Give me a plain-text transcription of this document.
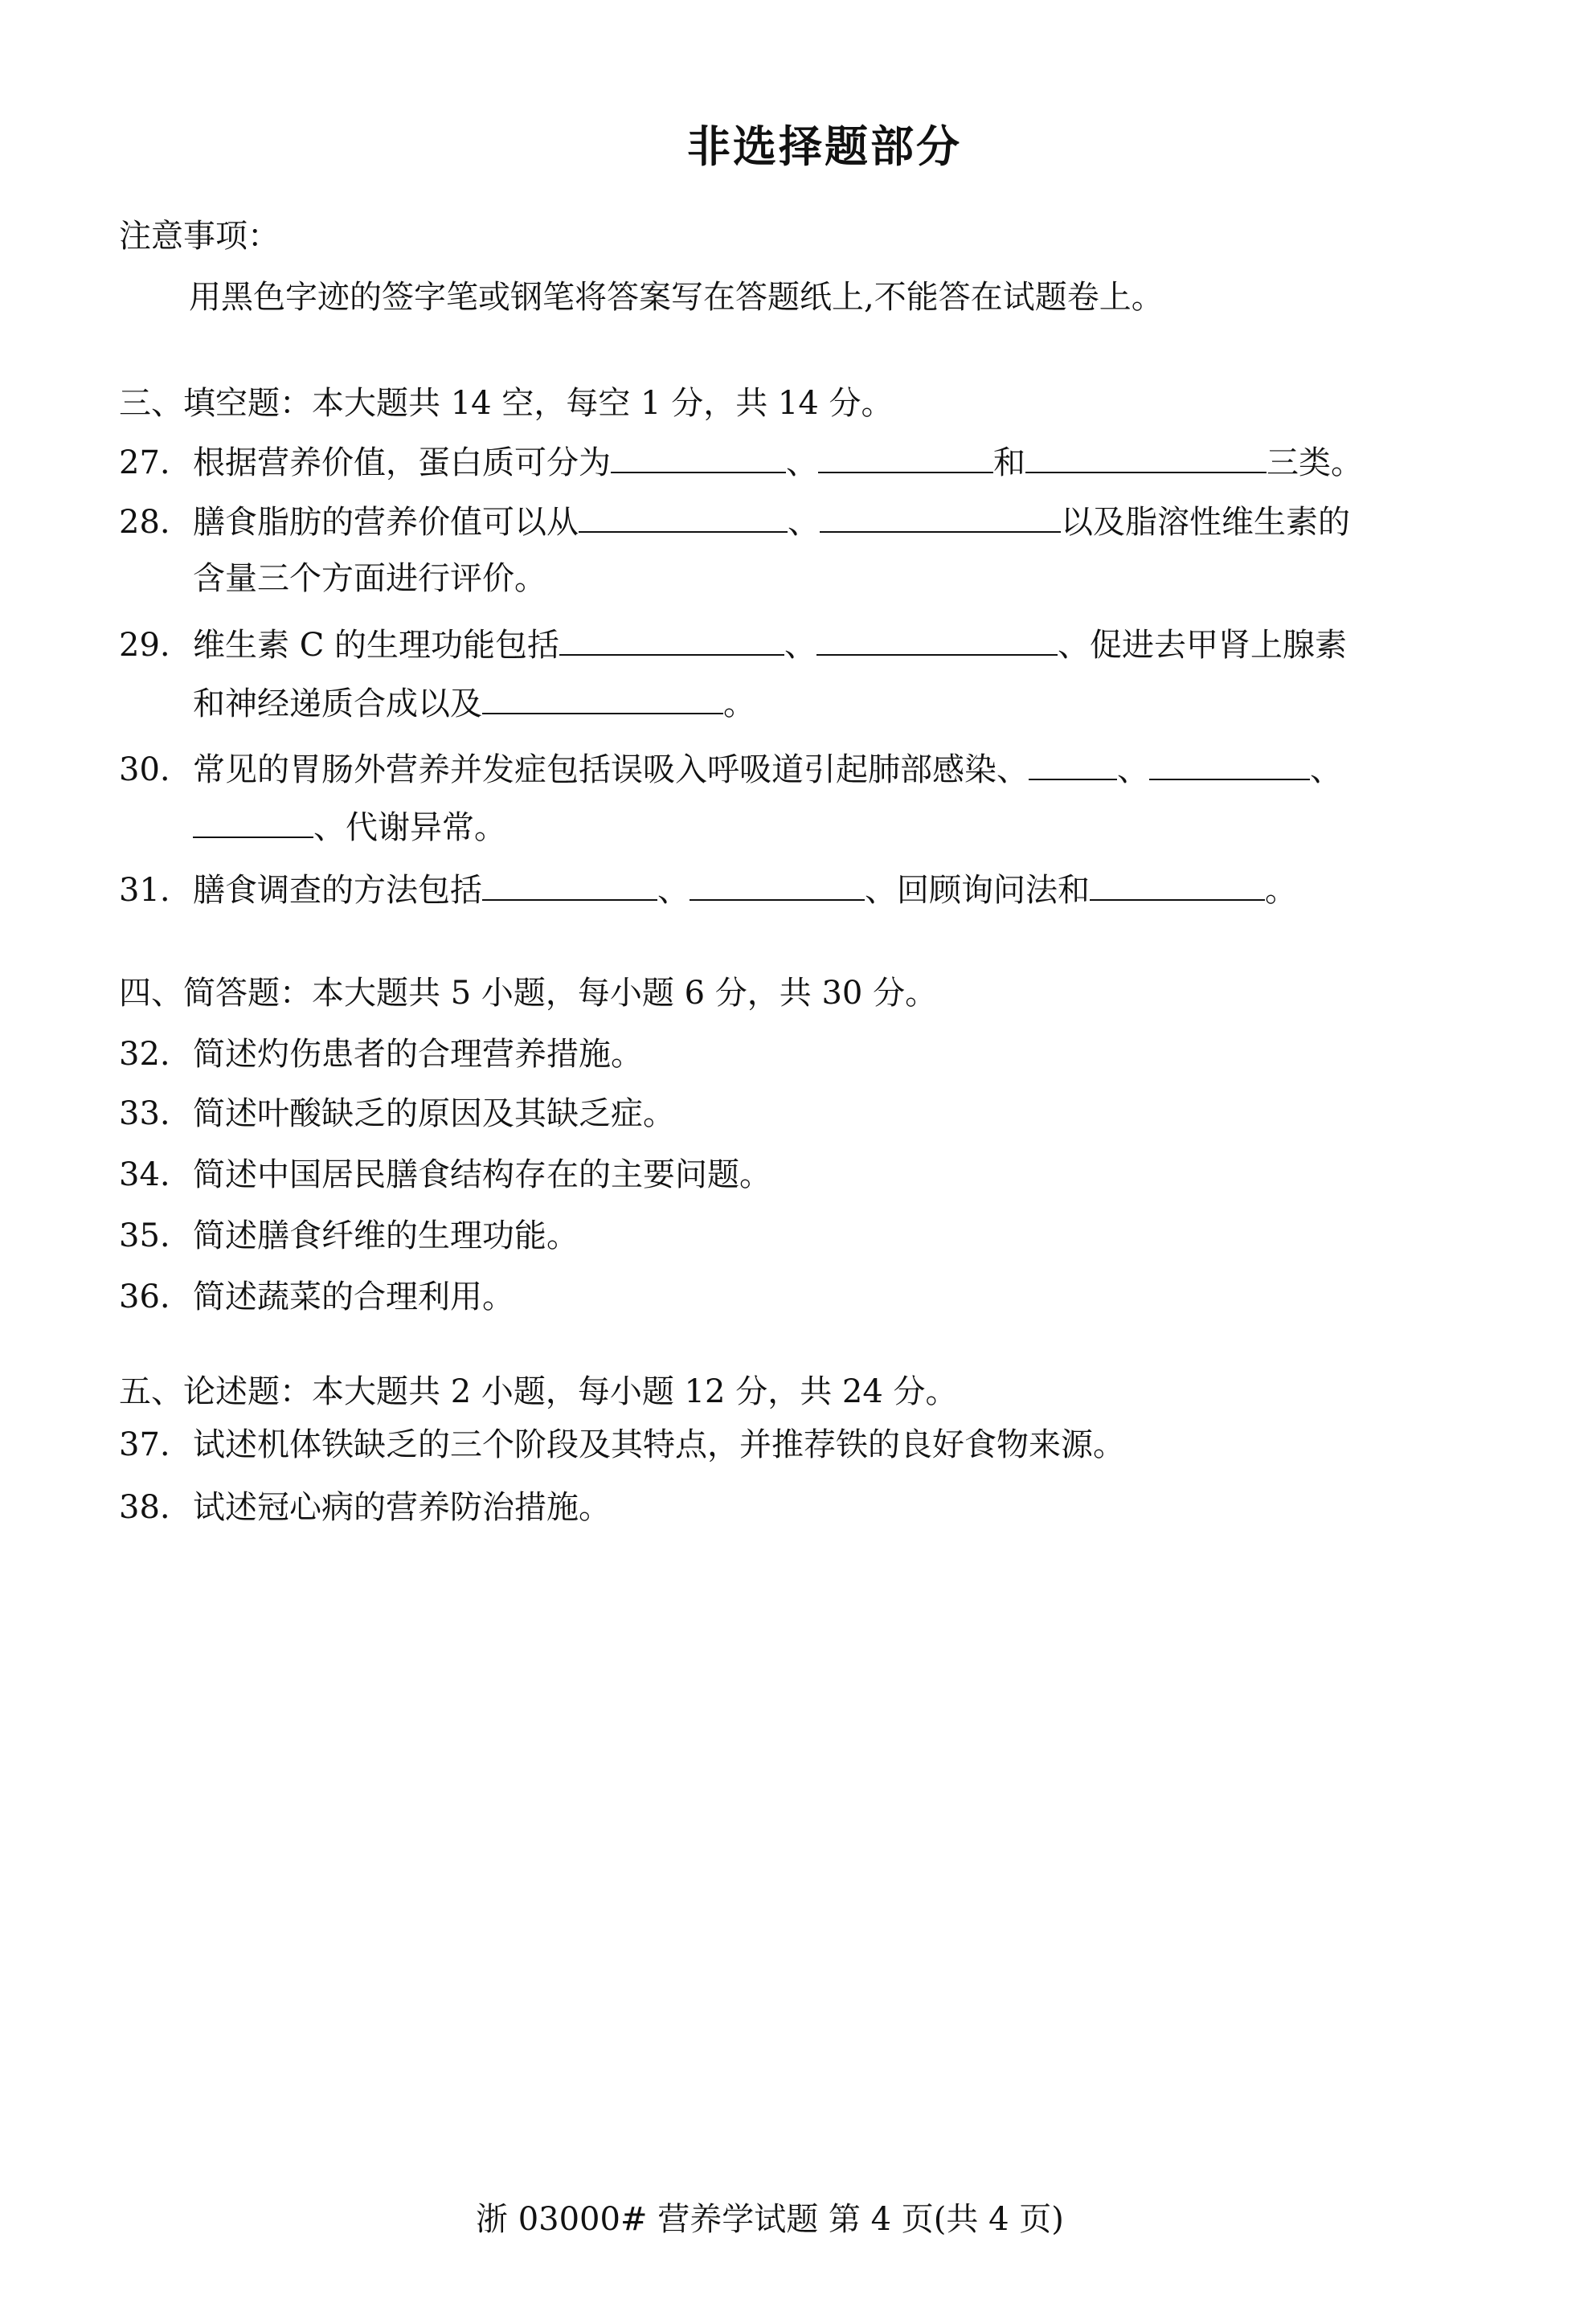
非选择题部分
注意事项：
用黑色字迹的签字笔或钢笔将答案写在答题纸上,不能答在试题卷上。
三、填空题：本大题共 14 空，每空 1 分，共 14 分。
27. 根据营养价值，蛋白质可分为	、	和	三类。
28. 膳食脂肪的营养价值可以从	、	以及脂溶性维生素的
含量三个方面进行评价。
29. 维生素 C 的生理功能包括	、	、促进去甲肾上腺素
和神经递质合成以及	。
30. 常见的胃肠外营养并发症包括误吸入呼吸道引起肺部感染、	、	、
、代谢异常。
31. 膳食调查的方法包括	、	、回顾询问法和	。
四、简答题：本大题共 5 小题，每小题 6 分，共 30 分。
32. 简述灼伤患者的合理营养措施。
33. 简述叶酸缺乏的原因及其缺乏症。
34. 简述中国居民膳食结构存在的主要问题。
35. 简述膳食纤维的生理功能。
36. 简述蔬菜的合理利用。
五、论述题：本大题共 2 小题，每小题 12 分，共 24 分。
37. 试述机体铁缺乏的三个阶段及其特点，并推荐铁的良好食物来源。
38. 试述冠心病的营养防治措施。
浙 03000# 营养学试题 第 4 页(共 4 页)
